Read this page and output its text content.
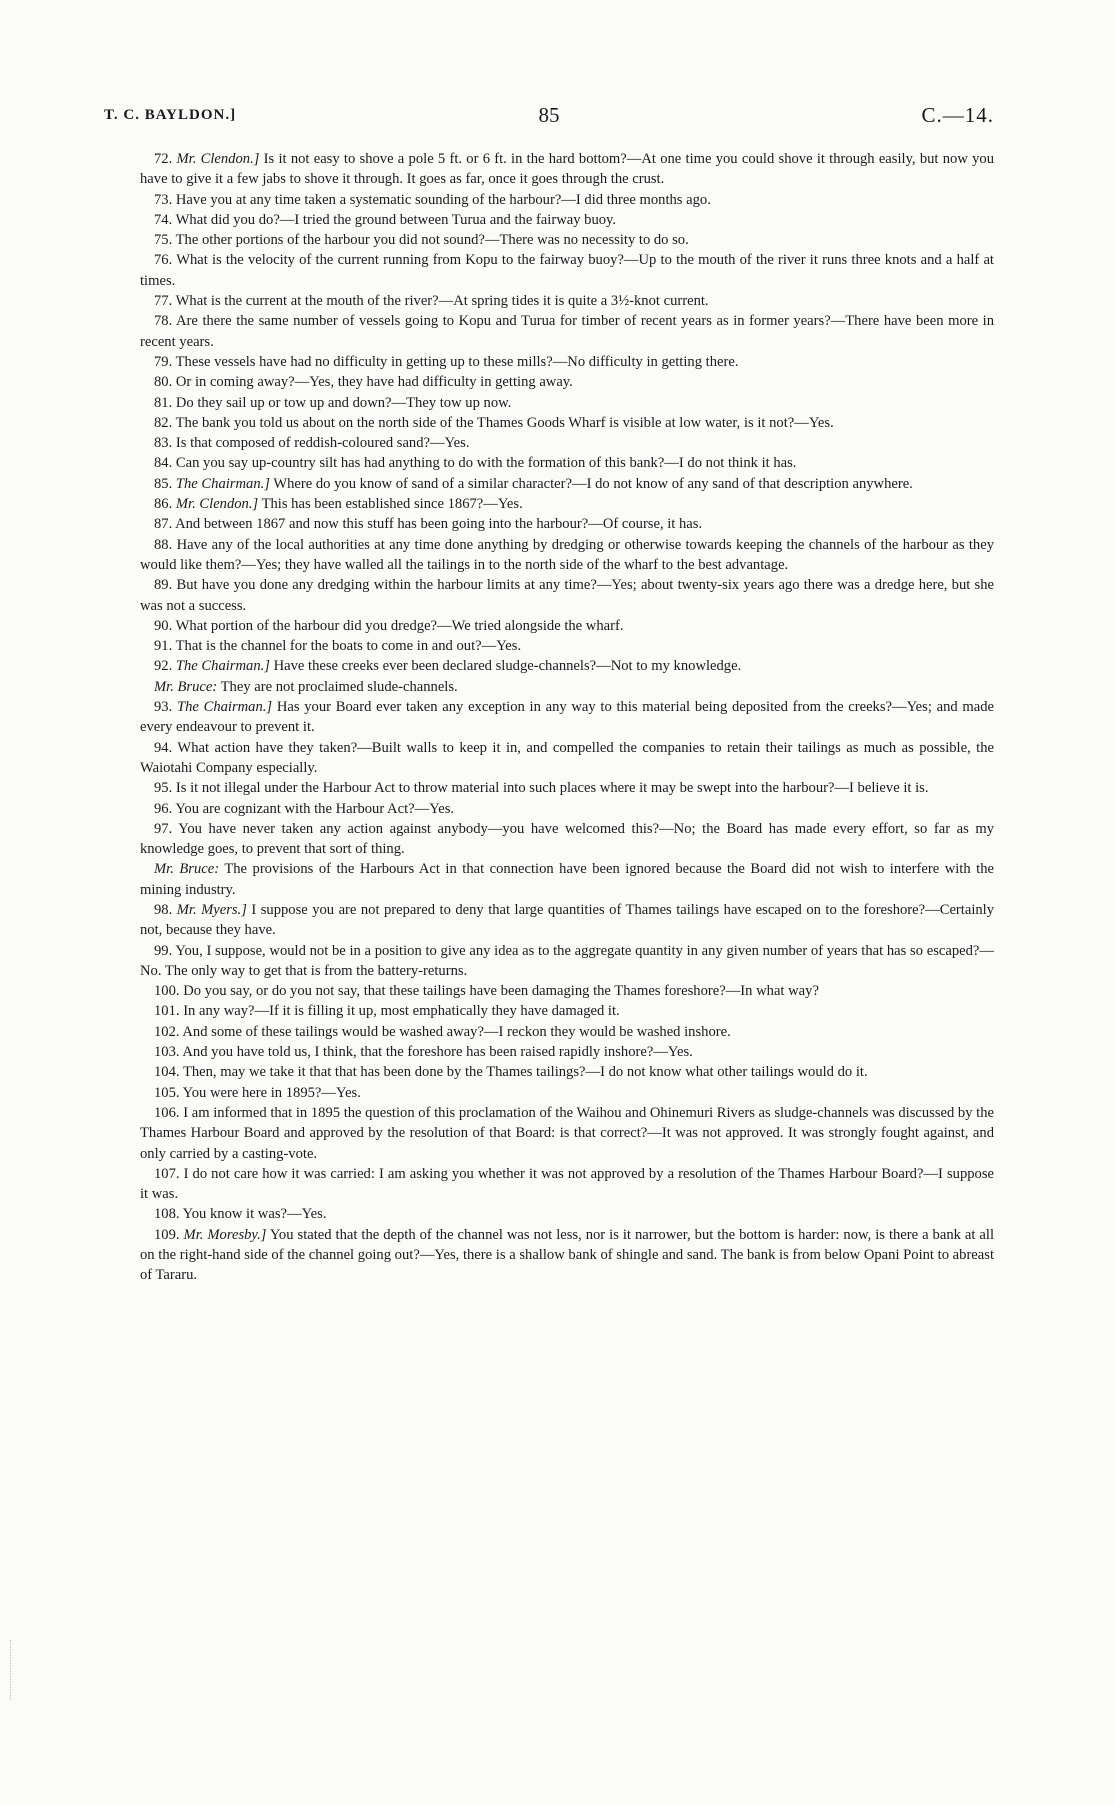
T. C. BAYLDON.]	85	C.—14.

72. Mr. Clendon.] Is it not easy to shove a pole 5 ft. or 6 ft. in the hard bottom?—At one time you could shove it through easily, but now you have to give it a few jabs to shove it through. It goes as far, once it goes through the crust.

73. Have you at any time taken a systematic sounding of the harbour?—I did three months ago.

74. What did you do?—I tried the ground between Turua and the fairway buoy.

75. The other portions of the harbour you did not sound?—There was no necessity to do so.

76. What is the velocity of the current running from Kopu to the fairway buoy?—Up to the mouth of the river it runs three knots and a half at times.

77. What is the current at the mouth of the river?—At spring tides it is quite a 3½-knot current.

78. Are there the same number of vessels going to Kopu and Turua for timber of recent years as in former years?—There have been more in recent years.

79. These vessels have had no difficulty in getting up to these mills?—No difficulty in getting there.

80. Or in coming away?—Yes, they have had difficulty in getting away.

81. Do they sail up or tow up and down?—They tow up now.

82. The bank you told us about on the north side of the Thames Goods Wharf is visible at low water, is it not?—Yes.

83. Is that composed of reddish-coloured sand?—Yes.

84. Can you say up-country silt has had anything to do with the formation of this bank?—I do not think it has.

85. The Chairman.] Where do you know of sand of a similar character?—I do not know of any sand of that description anywhere.

86. Mr. Clendon.] This has been established since 1867?—Yes.

87. And between 1867 and now this stuff has been going into the harbour?—Of course, it has.

88. Have any of the local authorities at any time done anything by dredging or otherwise towards keeping the channels of the harbour as they would like them?—Yes; they have walled all the tailings in to the north side of the wharf to the best advantage.

89. But have you done any dredging within the harbour limits at any time?—Yes; about twenty-six years ago there was a dredge here, but she was not a success.

90. What portion of the harbour did you dredge?—We tried alongside the wharf.

91. That is the channel for the boats to come in and out?—Yes.

92. The Chairman.] Have these creeks ever been declared sludge-channels?—Not to my knowledge.

Mr. Bruce: They are not proclaimed slude-channels.

93. The Chairman.] Has your Board ever taken any exception in any way to this material being deposited from the creeks?—Yes; and made every endeavour to prevent it.

94. What action have they taken?—Built walls to keep it in, and compelled the companies to retain their tailings as much as possible, the Waiotahi Company especially.

95. Is it not illegal under the Harbour Act to throw material into such places where it may be swept into the harbour?—I believe it is.

96. You are cognizant with the Harbour Act?—Yes.

97. You have never taken any action against anybody—you have welcomed this?—No; the Board has made every effort, so far as my knowledge goes, to prevent that sort of thing.

Mr. Bruce: The provisions of the Harbours Act in that connection have been ignored because the Board did not wish to interfere with the mining industry.

98. Mr. Myers.] I suppose you are not prepared to deny that large quantities of Thames tailings have escaped on to the foreshore?—Certainly not, because they have.

99. You, I suppose, would not be in a position to give any idea as to the aggregate quantity in any given number of years that has so escaped?—No. The only way to get that is from the battery-returns.

100. Do you say, or do you not say, that these tailings have been damaging the Thames foreshore?—In what way?

101. In any way?—If it is filling it up, most emphatically they have damaged it.

102. And some of these tailings would be washed away?—I reckon they would be washed inshore.

103. And you have told us, I think, that the foreshore has been raised rapidly inshore?—Yes.

104. Then, may we take it that that has been done by the Thames tailings?—I do not know what other tailings would do it.

105. You were here in 1895?—Yes.

106. I am informed that in 1895 the question of this proclamation of the Waihou and Ohinemuri Rivers as sludge-channels was discussed by the Thames Harbour Board and approved by the resolution of that Board: is that correct?—It was not approved. It was strongly fought against, and only carried by a casting-vote.

107. I do not care how it was carried: I am asking you whether it was not approved by a resolution of the Thames Harbour Board?—I suppose it was.

108. You know it was?—Yes.

109. Mr. Moresby.] You stated that the depth of the channel was not less, nor is it narrower, but the bottom is harder: now, is there a bank at all on the right-hand side of the channel going out?—Yes, there is a shallow bank of shingle and sand. The bank is from below Opani Point to abreast of Tararu.
